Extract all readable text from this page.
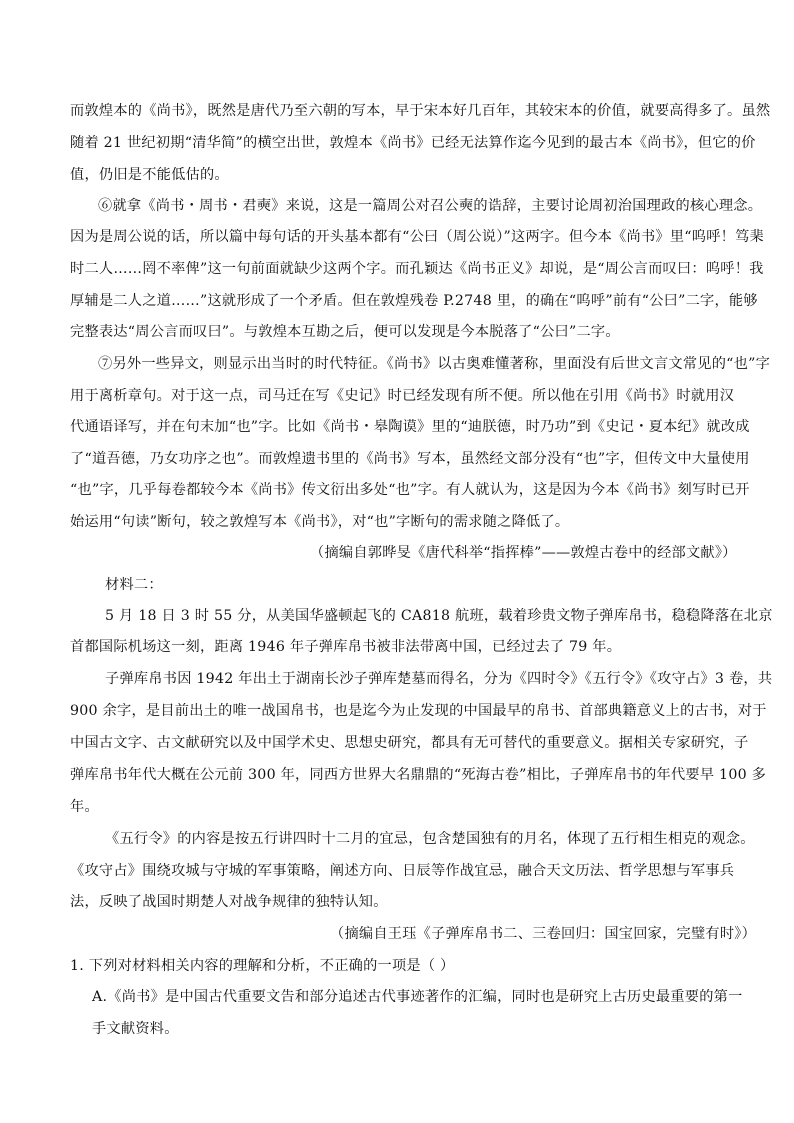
而敦煌本的《尚书》，既然是唐代乃至六朝的写本，早于宋本好几百年，其较宋本的价值，就要高得多了。虽然
随着 21 世纪初期“清华简”的横空出世，敦煌本《尚书》已经无法算作迄今见到的最古本《尚书》，但它的价
值，仍旧是不能低估的。
⑥就拿《尚书・周书・君奭》来说，这是一篇周公对召公奭的诰辞，主要讨论周初治国理政的核心理念。
因为是周公说的话，所以篇中每句话的开头基本都有“公曰（周公说）”这两字。但今本《尚书》里“呜呼！笃棐
时二人……罔不率俾”这一句前面就缺少这两个字。而孔颖达《尚书正义》却说，是“周公言而叹曰：呜呼！我
厚辅是二人之道……”这就形成了一个矛盾。但在敦煌残卷 P.2748 里，的确在“呜呼”前有“公曰”二字，能够
完整表达“周公言而叹曰”。与敦煌本互勘之后，便可以发现是今本脱落了“公曰”二字。
⑦另外一些异文，则显示出当时的时代特征。《尚书》以古奥难懂著称，里面没有后世文言文常见的“也”字
用于离析章句。对于这一点，司马迁在写《史记》时已经发现有所不便。所以他在引用《尚书》时就用汉
代通语译写，并在句末加“也”字。比如《尚书・皋陶谟》里的“迪朕德，时乃功”到《史记・夏本纪》就改成
了“道吾德，乃女功序之也”。而敦煌遗书里的《尚书》写本，虽然经文部分没有“也”字，但传文中大量使用
“也”字，几乎每卷都较今本《尚书》传文衍出多处“也”字。有人就认为，这是因为今本《尚书》刻写时已开
始运用“句读”断句，较之敦煌写本《尚书》，对“也”字断句的需求随之降低了。
（摘编自郭晔旻《唐代科举“指挥棒”——敦煌古卷中的经部文献》）
材料二：
5 月 18 日 3 时 55 分，从美国华盛顿起飞的 CA818 航班，载着珍贵文物子弹库帛书，稳稳降落在北京
首都国际机场这一刻，距离 1946 年子弹库帛书被非法带离中国，已经过去了 79 年。
子弹库帛书因 1942 年出土于湖南长沙子弹库楚墓而得名，分为《四时令》《五行令》《攻守占》3 卷，共
900 余字，是目前出土的唯一战国帛书，也是迄今为止发现的中国最早的帛书、首部典籍意义上的古书，对于
中国古文字、古文献研究以及中国学术史、思想史研究，都具有无可替代的重要意义。据相关专家研究，子
弹库帛书年代大概在公元前 300 年，同西方世界大名鼎鼎的“死海古卷”相比，子弹库帛书的年代要早 100 多
年。
《五行令》的内容是按五行讲四时十二月的宜忌，包含楚国独有的月名，体现了五行相生相克的观念。
《攻守占》围绕攻城与守城的军事策略，阐述方向、日辰等作战宜忌，融合天文历法、哲学思想与军事兵
法，反映了战国时期楚人对战争规律的独特认知。
（摘编自王珏《子弹库帛书二、三卷回归：国宝回家，完璧有时》）
1. 下列对材料相关内容的理解和分析，不正确的一项是（ ）
A.《尚书》是中国古代重要文告和部分追述古代事迹著作的汇编，同时也是研究上古历史最重要的第一
手文献资料。
